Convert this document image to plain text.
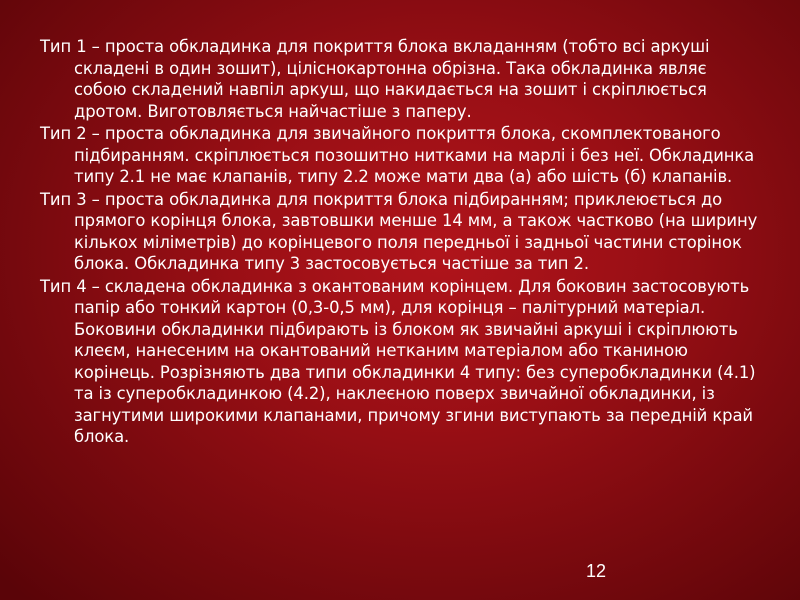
Тип 1 – проста обкладинка для покриття блока вкладанням (тобто всі аркуші складені в один зошит), ціліснокартонна обрізна. Така обкладинка являє собою складений навпіл аркуш, що накидається на зошит і скріплюється дротом. Виготовляється найчастіше з паперу.

Тип 2 – проста обкладинка для звичайного покриття блока, скомплектованого підбиранням. скріплюється позошитно нитками на марлі і без неї. Обкладинка типу 2.1 не має клапанів, типу 2.2 може мати два (а) або шість (б) клапанів.

Тип 3 – проста обкладинка для покриття блока підбиранням; приклеюється до прямого корінця блока, завтовшки менше 14 мм, а також частково (на ширину кількох міліметрів) до корінцевого поля передньої і задньої частини сторінок блока. Обкладинка типу 3 застосовується частіше за тип 2.

Тип 4 – складена обкладинка з окантованим корінцем. Для боковин застосовують папір або тонкий картон (0,3-0,5 мм), для корінця – палітурний матеріал. Боковини обкладинки підбирають із блоком як звичайні аркуші і скріплюють клеєм, нанесеним на окантований нетканим матеріалом або тканиною корінець. Розрізняють два типи обкладинки 4 типу: без суперобкладинки (4.1) та із суперобкладинкою (4.2), наклеєною поверх звичайної обкладинки, із загнутими широкими клапанами, причому згини виступають за передній край блока.

12
